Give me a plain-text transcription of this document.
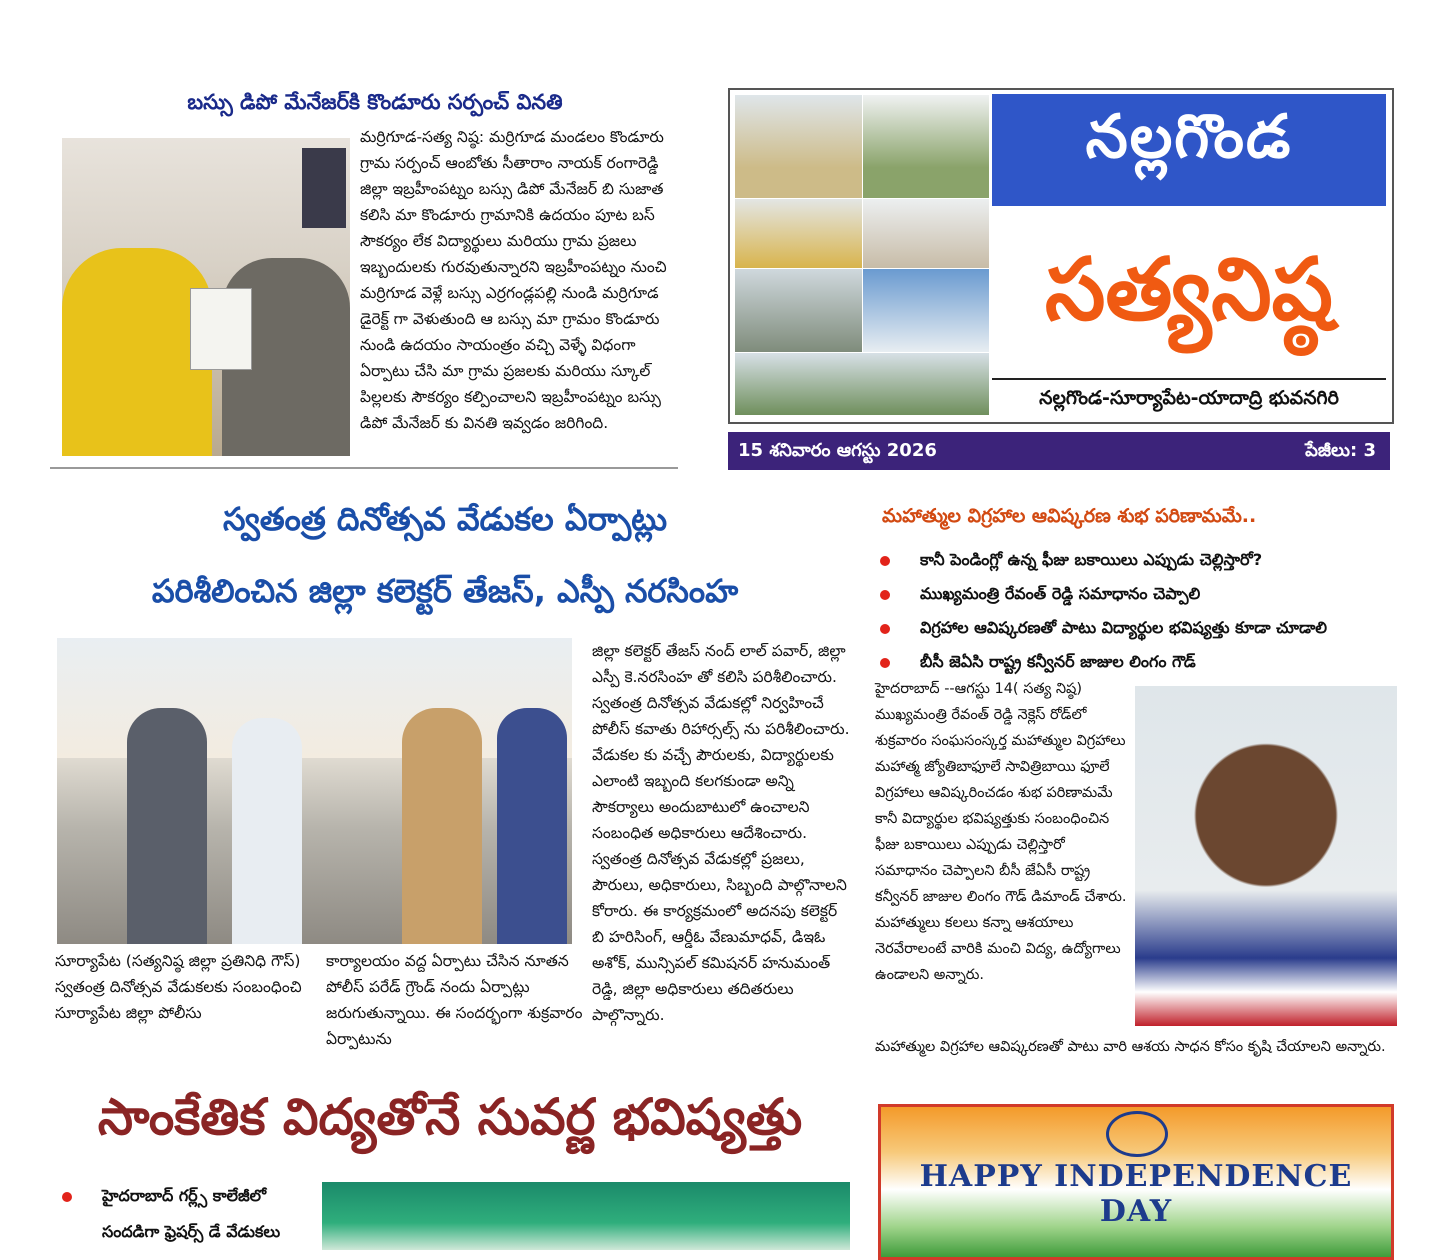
బస్సు డిపో మేనేజర్‌కి కొండూరు సర్పంచ్ వినతి

మర్రిగూడ-సత్య నిష్ఠ: మర్రిగూడ మండలం కొండూరు గ్రామ సర్పంచ్ ఆంబోతు సీతారాం నాయక్ రంగారెడ్డి జిల్లా ఇబ్రహీంపట్నం బస్సు డిపో మేనేజర్ బి సుజాత కలిసి మా కొండూరు గ్రామానికి ఉదయం పూట బస్ సౌకర్యం లేక విద్యార్థులు మరియు గ్రామ ప్రజలు ఇబ్బందులకు గురవుతున్నారని ఇబ్రహీంపట్నం నుంచి మర్రిగూడ వెళ్లే బస్సు ఎర్రగండ్లపల్లి నుండి మర్రిగూడ డైరెక్ట్ గా వెళుతుంది ఆ బస్సు మా గ్రామం కొండూరు నుండి ఉదయం సాయంత్రం వచ్చి వెళ్ళే విధంగా ఏర్పాటు చేసి మా గ్రామ ప్రజలకు మరియు స్కూల్ పిల్లలకు సౌకర్యం కల్పించాలని ఇబ్రహీంపట్నం బస్సు డిపో మేనేజర్ కు వినతి ఇవ్వడం జరిగింది.

నల్లగొండ
సత్యనిష్ఠ
నల్లగొండ-సూర్యాపేట-యాదాద్రి భువనగిరి
15 శనివారం ఆగస్టు 2026	పేజీలు: 3
స్వతంత్ర దినోత్సవ వేడుకల ఏర్పాట్లు
పరిశీలించిన జిల్లా కలెక్టర్ తేజస్, ఎస్పీ నరసింహ
సూర్యాపేట (సత్యనిష్ఠ జిల్లా ప్రతినిధి గౌస్)
స్వతంత్ర దినోత్సవ వేడుకలకు సంబంధించి సూర్యాపేట జిల్లా పోలీసు
కార్యాలయం వద్ద ఏర్పాటు చేసిన నూతన పోలీస్ పరేడ్ గ్రౌండ్ నందు ఏర్పాట్లు జరుగుతున్నాయి. ఈ సందర్భంగా శుక్రవారం ఏర్పాటును
జిల్లా కలెక్టర్ తేజస్ నంద్ లాల్ పవార్, జిల్లా ఎస్పీ కె.నరసింహ తో కలిసి పరిశీలించారు. స్వతంత్ర దినోత్సవ వేడుకల్లో నిర్వహించే పోలీస్ కవాతు రిహార్సల్స్ ను పరిశీలించారు. వేడుకల కు వచ్చే పౌరులకు, విద్యార్థులకు ఎలాంటి ఇబ్బంది కలగకుండా అన్ని సౌకర్యాలు అందుబాటులో ఉంచాలని సంబంధిత అధికారులు ఆదేశించారు. స్వతంత్ర దినోత్సవ వేడుకల్లో ప్రజలు, పౌరులు, అధికారులు, సిబ్బంది పాల్గొనాలని కోరారు. ఈ కార్యక్రమంలో అదనపు కలెక్టర్ బి హరిసింగ్, ఆర్డీఓ వేణుమాధవ్, డిఇఓ అశోక్, మున్సిపల్ కమిషనర్ హనుమంత్ రెడ్డి, జిల్లా అధికారులు తదితరులు పాల్గొన్నారు.
మహాత్ముల విగ్రహాల ఆవిష్కరణ శుభ పరిణామమే..
కానీ పెండింగ్లో ఉన్న ఫీజు బకాయిలు ఎప్పుడు చెల్లిస్తారో?
ముఖ్యమంత్రి రేవంత్ రెడ్డి సమాధానం చెప్పాలి
విగ్రహాల ఆవిష్కరణతో పాటు విద్యార్థుల భవిష్యత్తు కూడా చూడాలి
బీసీ జెఏసి రాష్ట్ర కన్వీనర్ జాజుల లింగం గౌడ్
హైదరాబాద్ --ఆగస్టు 14( సత్య నిష్ఠ) ముఖ్యమంత్రి రేవంత్ రెడ్డి నెక్లెస్ రోడ్‌లో శుక్రవారం సంఘసంస్కర్త మహాత్ముల విగ్రహాలు మహాత్మ జ్యోతిబాఫూలే సావిత్రిబాయి ఫూలే విగ్రహాలు ఆవిష్కరించడం శుభ పరిణామమే కానీ విద్యార్థుల భవిష్యత్తుకు సంబంధించిన ఫీజు బకాయిలు ఎప్పుడు చెల్లిస్తారో సమాధానం చెప్పాలని బీసీ జేఏసీ రాష్ట్ర కన్వీనర్ జాజుల లింగం గౌడ్ డిమాండ్ చేశారు. మహాత్ములు కలలు కన్నా ఆశయాలు నెరవేరాలంటే వారికి మంచి విద్య, ఉద్యోగాలు ఉండాలని అన్నారు.
మహాత్ముల విగ్రహాల ఆవిష్కరణతో పాటు వారి ఆశయ సాధన కోసం కృషి చేయాలని అన్నారు.
సాంకేతిక విద్యతోనే సువర్ణ భవిష్యత్తు
హైదరాబాద్ గర్ల్స్ కాలేజీలో
సందడిగా ఫ్రెషర్స్ డే వేడుకలు
HAPPY INDEPENDENCE DAY
